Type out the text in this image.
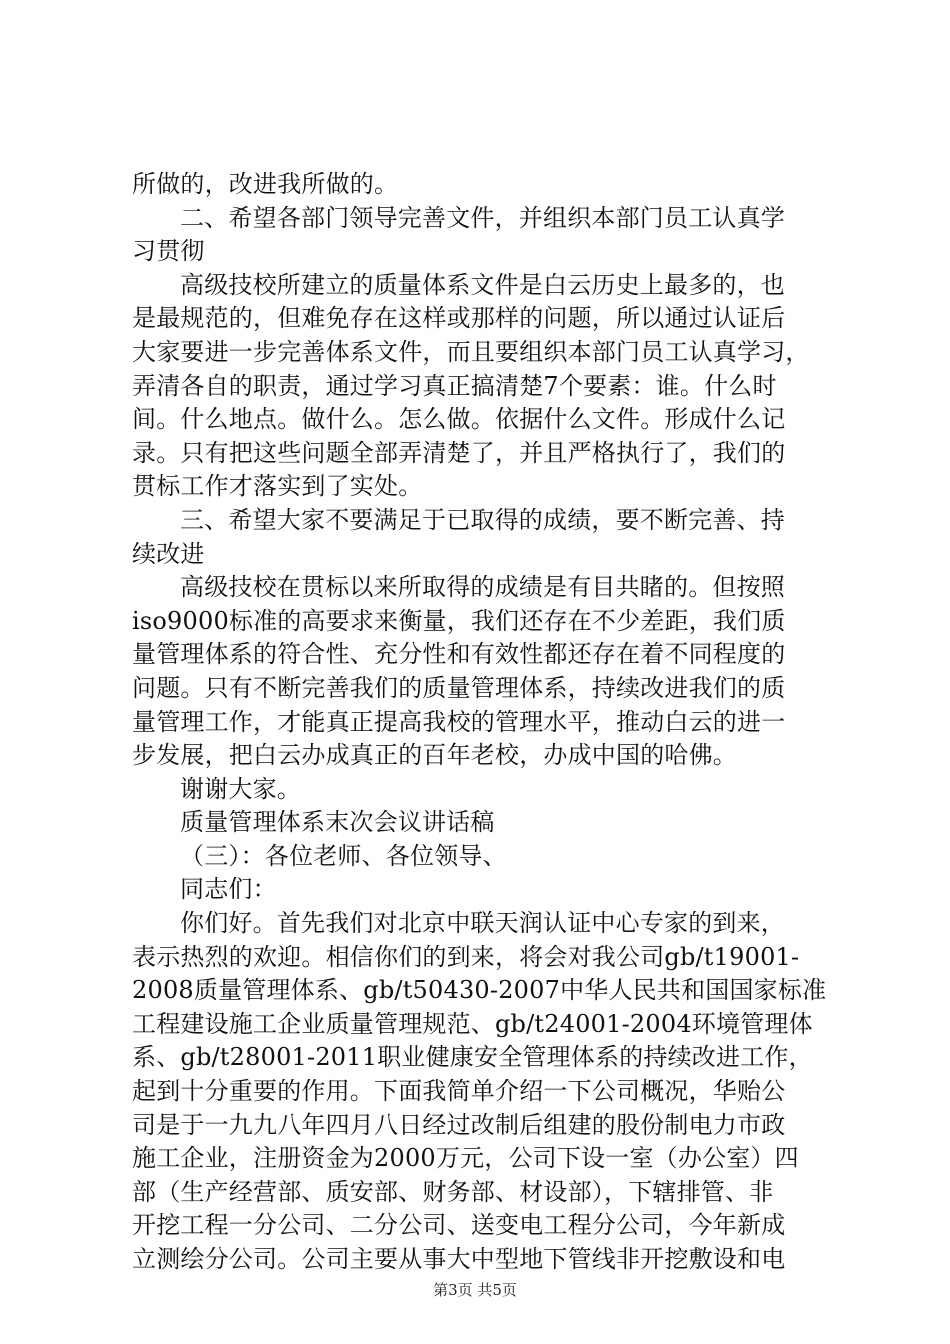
所做的，改进我所做的。
二、希望各部门领导完善文件，并组织本部门员工认真学
习贯彻
高级技校所建立的质量体系文件是白云历史上最多的，也
是最规范的，但难免存在这样或那样的问题，所以通过认证后
大家要进一步完善体系文件，而且要组织本部门员工认真学习，
弄清各自的职责，通过学习真正搞清楚7个要素：谁。什么时
间。什么地点。做什么。怎么做。依据什么文件。形成什么记
录。只有把这些问题全部弄清楚了，并且严格执行了，我们的
贯标工作才落实到了实处。
三、希望大家不要满足于已取得的成绩，要不断完善、持
续改进
高级技校在贯标以来所取得的成绩是有目共睹的。但按照
iso9000标准的高要求来衡量，我们还存在不少差距，我们质
量管理体系的符合性、充分性和有效性都还存在着不同程度的
问题。只有不断完善我们的质量管理体系，持续改进我们的质
量管理工作，才能真正提高我校的管理水平，推动白云的进一
步发展，把白云办成真正的百年老校，办成中国的哈佛。
谢谢大家。
质量管理体系末次会议讲话稿
（三）：各位老师、各位领导、
同志们：
你们好。首先我们对北京中联天润认证中心专家的到来，
表示热烈的欢迎。相信你们的到来，将会对我公司gb/t19001-
2008质量管理体系、gb/t50430-2007中华人民共和国国家标准
工程建设施工企业质量管理规范、gb/t24001-2004环境管理体
系、gb/t28001-2011职业健康安全管理体系的持续改进工作，
起到十分重要的作用。下面我简单介绍一下公司概况，华贻公
司是于一九九八年四月八日经过改制后组建的股份制电力市政
施工企业，注册资金为2000万元，公司下设一室（办公室）四
部（生产经营部、质安部、财务部、材设部），下辖排管、非
开挖工程一分公司、二分公司、送变电工程分公司，今年新成
立测绘分公司。公司主要从事大中型地下管线非开挖敷设和电
第3页 共5页
